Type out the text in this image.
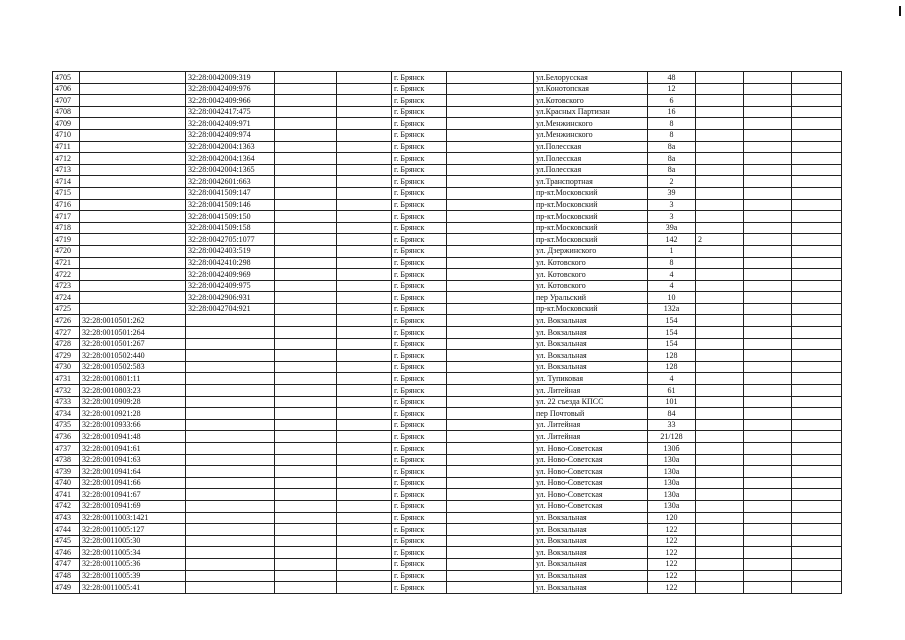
4705		32:28:0042009:319			г. Брянск		ул.Белорусская	48			
4706		32:28:0042409:976			г. Брянск		ул.Конотопская	12			
4707		32:28:0042409:966			г. Брянск		ул.Котовского	6			
4708		32:28:0042417:475			г. Брянск		ул.Красных Партизан	16			
4709		32:28:0042409:971			г. Брянск		ул.Менжинского	8			
4710		32:28:0042409:974			г. Брянск		ул.Менжинского	8			
4711		32:28:0042004:1363			г. Брянск		ул.Полесская	8а			
4712		32:28:0042004:1364			г. Брянск		ул.Полесская	8а			
4713		32:28:0042004:1365			г. Брянск		ул.Полесская	8а			
4714		32:28:0042601:663			г. Брянск		ул.Транспортная	2			
4715		32:28:0041509:147			г. Брянск		пр-кт.Московский	39			
4716		32:28:0041509:146			г. Брянск		пр-кт.Московский	3			
4717		32:28:0041509:150			г. Брянск		пр-кт.Московский	3			
4718		32:28:0041509:158			г. Брянск		пр-кт.Московский	39а			
4719		32:28:0042705:1077			г. Брянск		пр-кт.Московский	142	2		
4720		32:28:0042403:519			г. Брянск		ул. Дзержинского	1			
4721		32:28:0042410:298			г. Брянск		ул. Котовского	8			
4722		32:28:0042409:969			г. Брянск		ул. Котовского	4			
4723		32:28:0042409:975			г. Брянск		ул. Котовского	4			
4724		32:28:0042906:931			г. Брянск		пер Уральский	10			
4725		32:28:0042704:921			г. Брянск		пр-кт.Московский	132а			
4726	32:28:0010501:262				г. Брянск		ул. Вокзальная	154			
4727	32:28:0010501:264				г. Брянск		ул. Вокзальная	154			
4728	32:28:0010501:267				г. Брянск		ул. Вокзальная	154			
4729	32:28:0010502:440				г. Брянск		ул. Вокзальная	128			
4730	32:28:0010502:583				г. Брянск		ул. Вокзальная	128			
4731	32:28:0010801:11				г. Брянск		ул. Тупиковая	4			
4732	32:28:0010803:23				г. Брянск		ул. Литейная	61			
4733	32:28:0010909:28				г. Брянск		ул. 22 съезда КПСС	101			
4734	32:28:0010921:28				г. Брянск		пер Почтовый	84			
4735	32:28:0010933:66				г. Брянск		ул. Литейная	33			
4736	32:28:0010941:48				г. Брянск		ул. Литейная	21/128			
4737	32:28:0010941:61				г. Брянск		ул. Ново-Советская	130б			
4738	32:28:0010941:63				г. Брянск		ул. Ново-Советская	130а			
4739	32:28:0010941:64				г. Брянск		ул. Ново-Советская	130а			
4740	32:28:0010941:66				г. Брянск		ул. Ново-Советская	130а			
4741	32:28:0010941:67				г. Брянск		ул. Ново-Советская	130а			
4742	32:28:0010941:69				г. Брянск		ул. Ново-Советская	130а			
4743	32:28:0011003:1421				г. Брянск		ул. Вокзальная	120			
4744	32:28:0011005:127				г. Брянск		ул. Вокзальная	122			
4745	32:28:0011005:30				г. Брянск		ул. Вокзальная	122			
4746	32:28:0011005:34				г. Брянск		ул. Вокзальная	122			
4747	32:28:0011005:36				г. Брянск		ул. Вокзальная	122			
4748	32:28:0011005:39				г. Брянск		ул. Вокзальная	122			
4749	32:28:0011005:41				г. Брянск		ул. Вокзальная	122			
